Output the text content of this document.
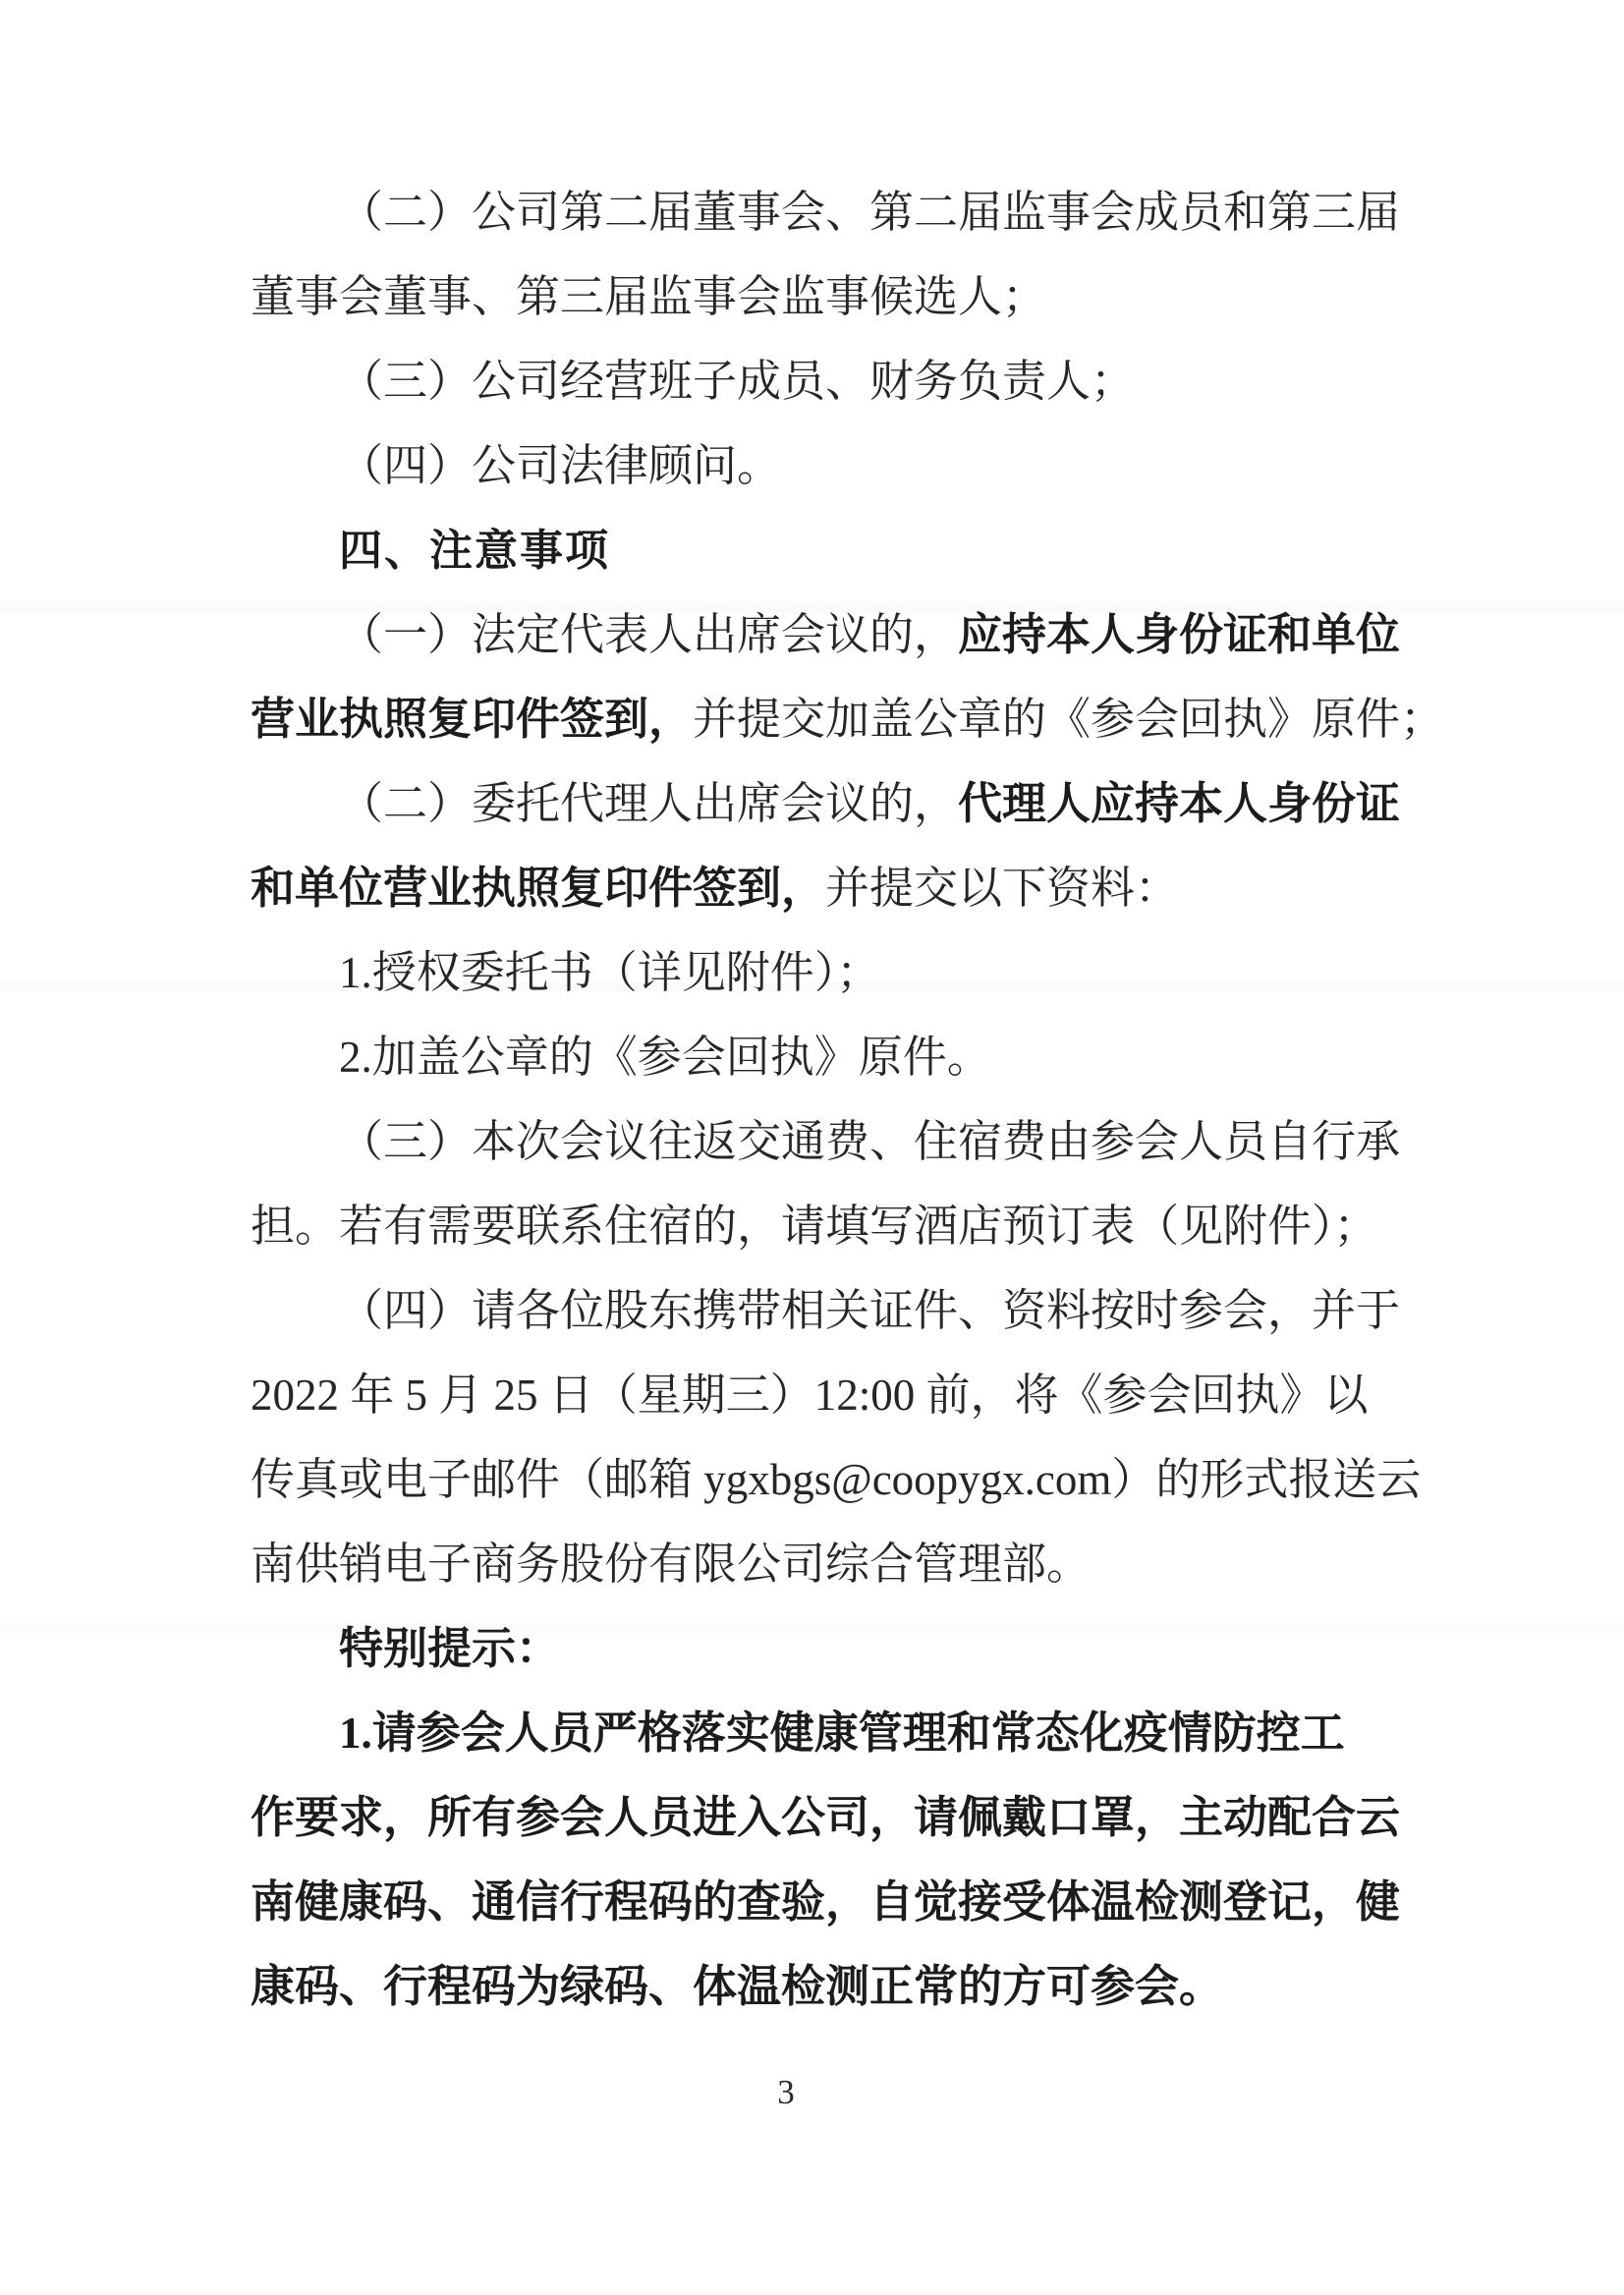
（二）公司第二届董事会、第二届监事会成员和第三届
董事会董事、第三届监事会监事候选人；
（三）公司经营班子成员、财务负责人；
（四）公司法律顾问。
四、注意事项
（一）法定代表人出席会议的，应持本人身份证和单位
营业执照复印件签到，并提交加盖公章的《参会回执》原件；
（二）委托代理人出席会议的，代理人应持本人身份证
和单位营业执照复印件签到，并提交以下资料：
1.授权委托书（详见附件）；
2.加盖公章的《参会回执》原件。
（三）本次会议往返交通费、住宿费由参会人员自行承
担。若有需要联系住宿的，请填写酒店预订表（见附件）；
（四）请各位股东携带相关证件、资料按时参会，并于
2022 年 5 月 25 日（星期三）12:00 前，将《参会回执》以
传真或电子邮件（邮箱 ygxbgs@coopygx.com）的形式报送云
南供销电子商务股份有限公司综合管理部。
特别提示：
1.请参会人员严格落实健康管理和常态化疫情防控工
作要求，所有参会人员进入公司，请佩戴口罩，主动配合云
南健康码、通信行程码的查验，自觉接受体温检测登记，健
康码、行程码为绿码、体温检测正常的方可参会。
3
